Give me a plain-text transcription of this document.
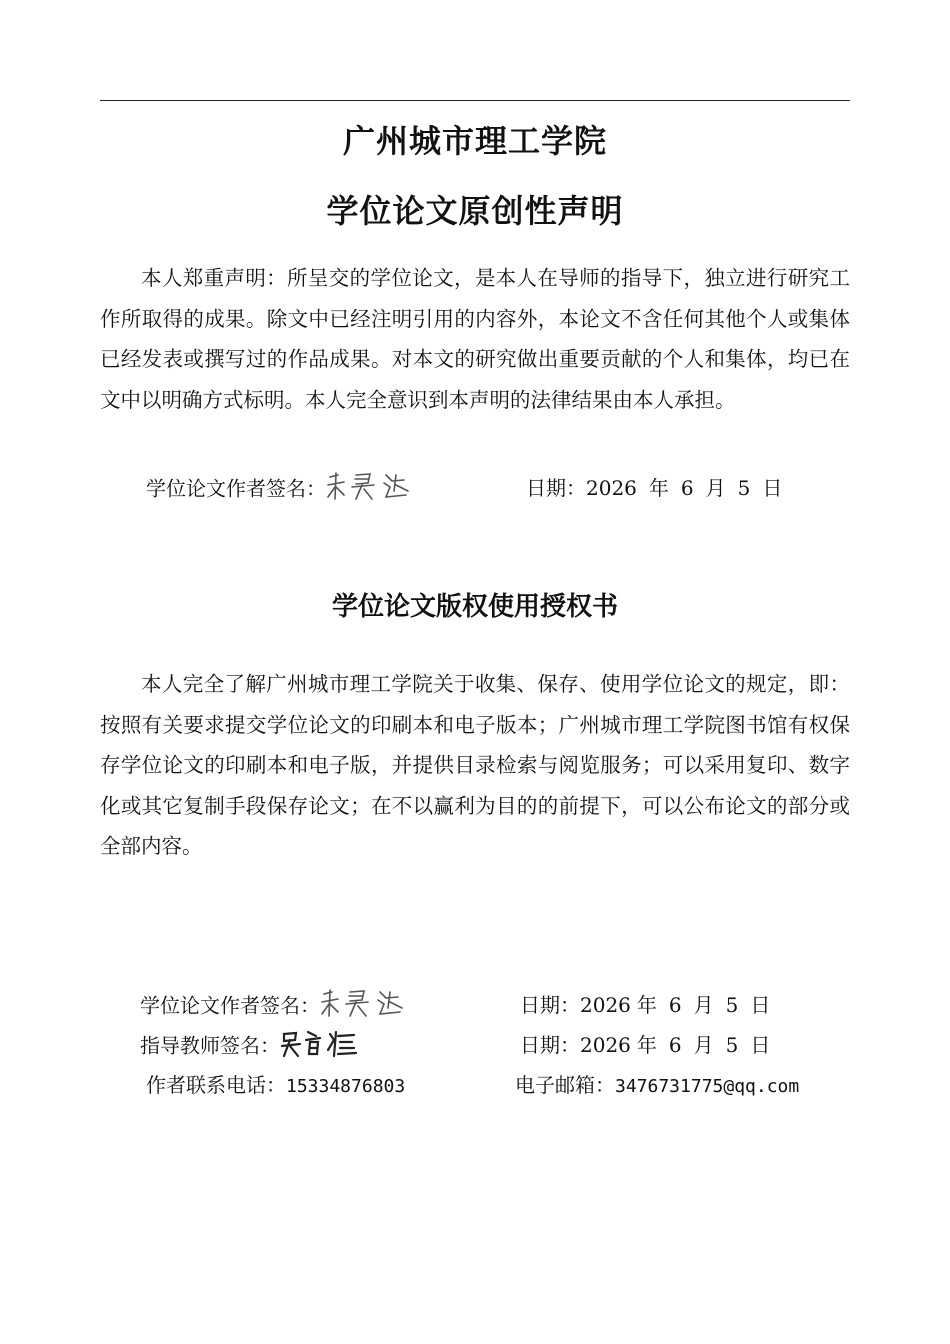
广州城市理工学院
学位论文原创性声明

本人郑重声明：所呈交的学位论文，是本人在导师的指导下，独立进行研究工作所取得的成果。除文中已经注明引用的内容外，本论文不含任何其他个人或集体已经发表或撰写过的作品成果。对本文的研究做出重要贡献的个人和集体，均已在文中以明确方式标明。本人完全意识到本声明的法律结果由本人承担。

学位论文作者签名：	日期：2026 年 6 月 5 日
学位论文版权使用授权书

本人完全了解广州城市理工学院关于收集、保存、使用学位论文的规定，即：按照有关要求提交学位论文的印刷本和电子版本；广州城市理工学院图书馆有权保存学位论文的印刷本和电子版，并提供目录检索与阅览服务；可以采用复印、数字化或其它复制手段保存论文；在不以赢利为目的的前提下，可以公布论文的部分或全部内容。

学位论文作者签名：	日期：2026 年 6 月 5 日
指导教师签名：	日期：2026 年 6 月 5 日
作者联系电话：15334876803	电子邮箱：3476731775@qq.com
